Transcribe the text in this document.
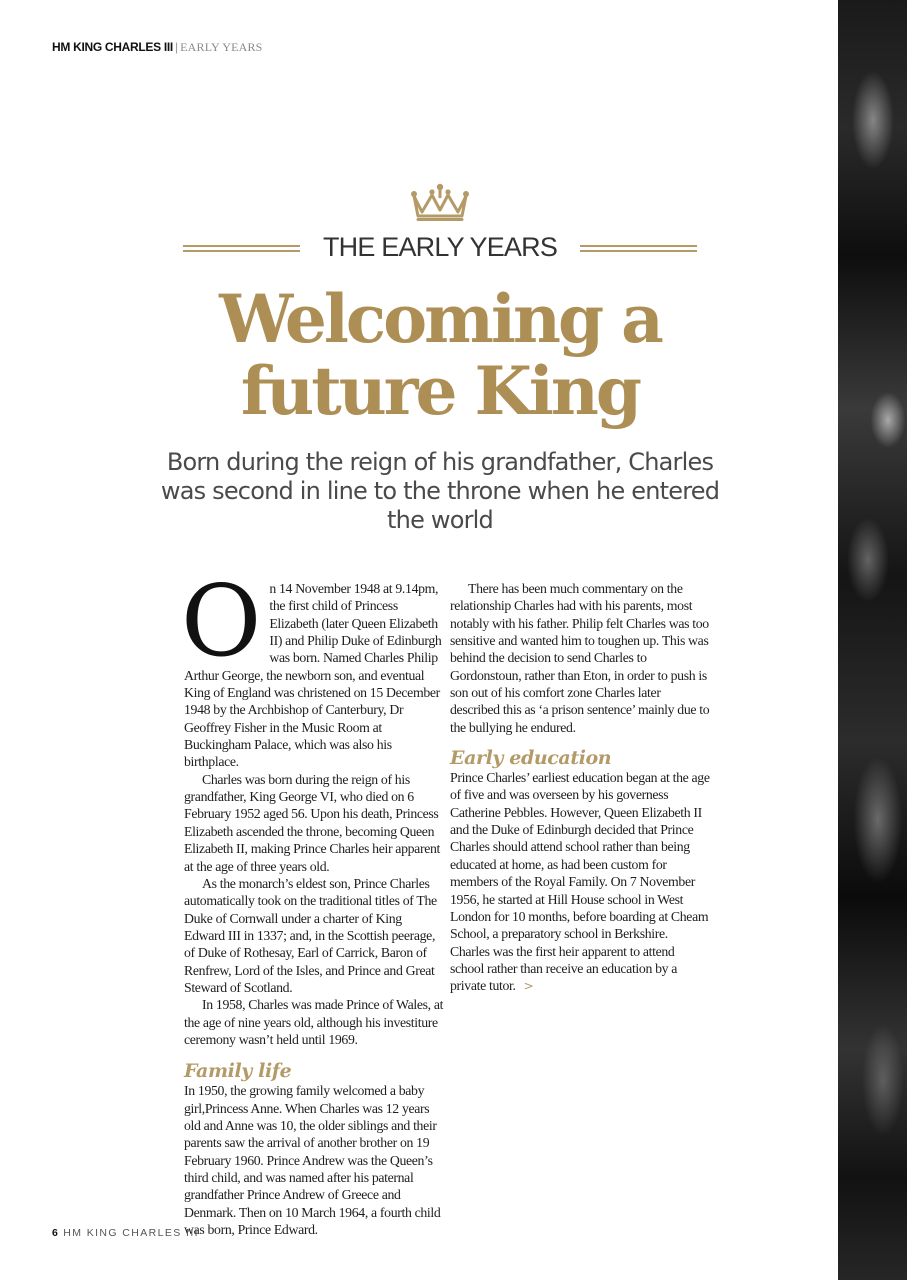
HM KING CHARLES III | EARLY YEARS
THE EARLY YEARS
Welcoming a future King

Born during the reign of his grandfather, Charles was second in line to the throne when he entered the world

On 14 November 1948 at 9.14pm, the first child of Princess Elizabeth (later Queen Elizabeth II) and Philip Duke of Edinburgh was born. Named Charles Philip Arthur George, the newborn son, and eventual King of England was christened on 15 December 1948 by the Archbishop of Canterbury, Dr Geoffrey Fisher in the Music Room at Buckingham Palace, which was also his birthplace.

Charles was born during the reign of his grandfather, King George VI, who died on 6 February 1952 aged 56. Upon his death, Princess Elizabeth ascended the throne, becoming Queen Elizabeth II, making Prince Charles heir apparent at the age of three years old.

As the monarch’s eldest son, Prince Charles automatically took on the traditional titles of The Duke of Cornwall under a charter of King Edward III in 1337; and, in the Scottish peerage, of Duke of Rothesay, Earl of Carrick, Baron of Renfrew, Lord of the Isles, and Prince and Great Steward of Scotland.

In 1958, Charles was made Prince of Wales, at the age of nine years old, although his investiture ceremony wasn’t held until 1969.

Family life

In 1950, the growing family welcomed a baby girl,Princess Anne. When Charles was 12 years old and Anne was 10, the older siblings and their parents saw the arrival of another brother on 19 February 1960. Prince Andrew was the Queen’s third child, and was named after his paternal grandfather Prince Andrew of Greece and Denmark. Then on 10 March 1964, a fourth child was born, Prince Edward.

There has been much commentary on the relationship Charles had with his parents, most notably with his father. Philip felt Charles was too sensitive and wanted him to toughen up. This was behind the decision to send Charles to Gordonstoun, rather than Eton, in order to push is son out of his comfort zone Charles later described this as ‘a prison sentence’ mainly due to the bullying he endured.

Early education

Prince Charles’ earliest education began at the age of five and was overseen by his governess Catherine Pebbles. However, Queen Elizabeth II and the Duke of Edinburgh decided that Prince Charles should attend school rather than being educated at home, as had been custom for members of the Royal Family. On 7 November 1956, he started at Hill House school in West London for 10 months, before boarding at Cheam School, a preparatory school in Berkshire. Charles was the first heir apparent to attend school rather than receive an education by a private tutor. >

6 HM KING CHARLES III
